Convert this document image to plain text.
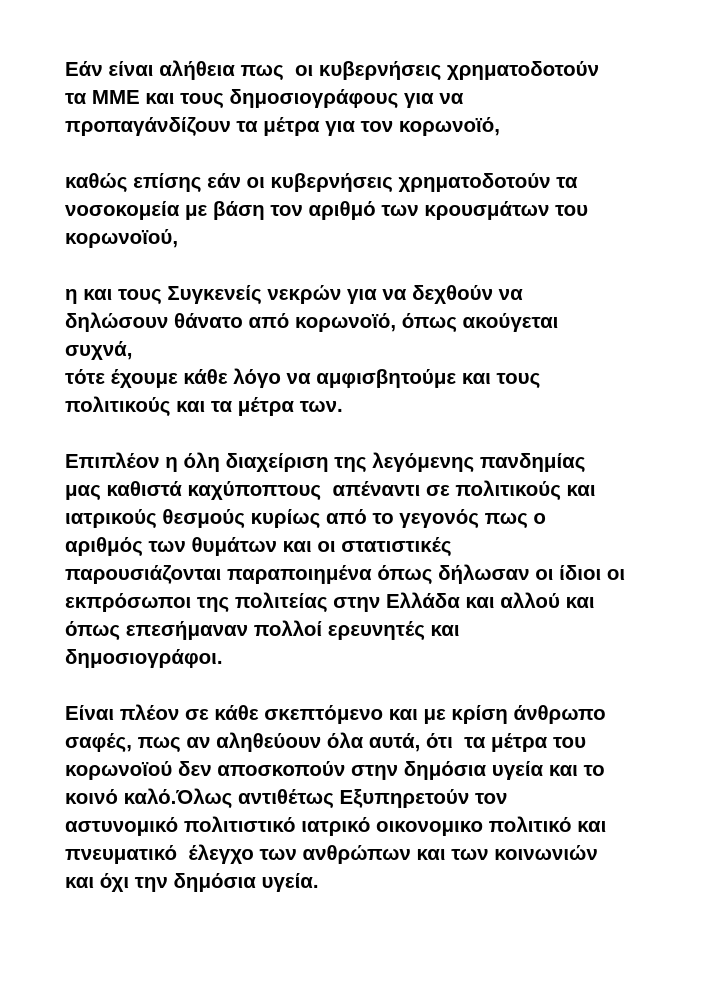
Εάν είναι αλήθεια πως  οι κυβερνήσεις χρηματοδοτούν
τα ΜΜΕ και τους δημοσιογράφους για να
προπαγάνδίζουν τα μέτρα για τον κορωνοϊό,

καθώς επίσης εάν οι κυβερνήσεις χρηματοδοτούν τα
νοσοκομεία με βάση τον αριθμό των κρουσμάτων του
κορωνοϊού,

η και τους Συγκενείς νεκρών για να δεχθούν να
δηλώσουν θάνατο από κορωνοϊό, όπως ακούγεται
συχνά,
τότε έχουμε κάθε λόγο να αμφισβητούμε και τους
πολιτικούς και τα μέτρα των.

Επιπλέον η όλη διαχείριση της λεγόμενης πανδημίας
μας καθιστά καχύποπτους  απέναντι σε πολιτικούς και
ιατρικούς θεσμούς κυρίως από το γεγονός πως ο
αριθμός των θυμάτων και οι στατιστικές
παρουσιάζονται παραποιημένα όπως δήλωσαν οι ίδιοι οι
εκπρόσωποι της πολιτείας στην Ελλάδα και αλλού και
όπως επεσήμαναν πολλοί ερευνητές και
δημοσιογράφοι.

Είναι πλέον σε κάθε σκεπτόμενο και με κρίση άνθρωπο
σαφές, πως αν αληθεύουν όλα αυτά, ότι  τα μέτρα του
κορωνοϊού δεν αποσκοπούν στην δημόσια υγεία και το
κοινό καλό.Όλως αντιθέτως Εξυπηρετούν τον
αστυνομικό πολιτιστικό ιατρικό οικονομικο πολιτικό και
πνευματικό  έλεγχο των ανθρώπων και των κοινωνιών
και όχι την δημόσια υγεία.
